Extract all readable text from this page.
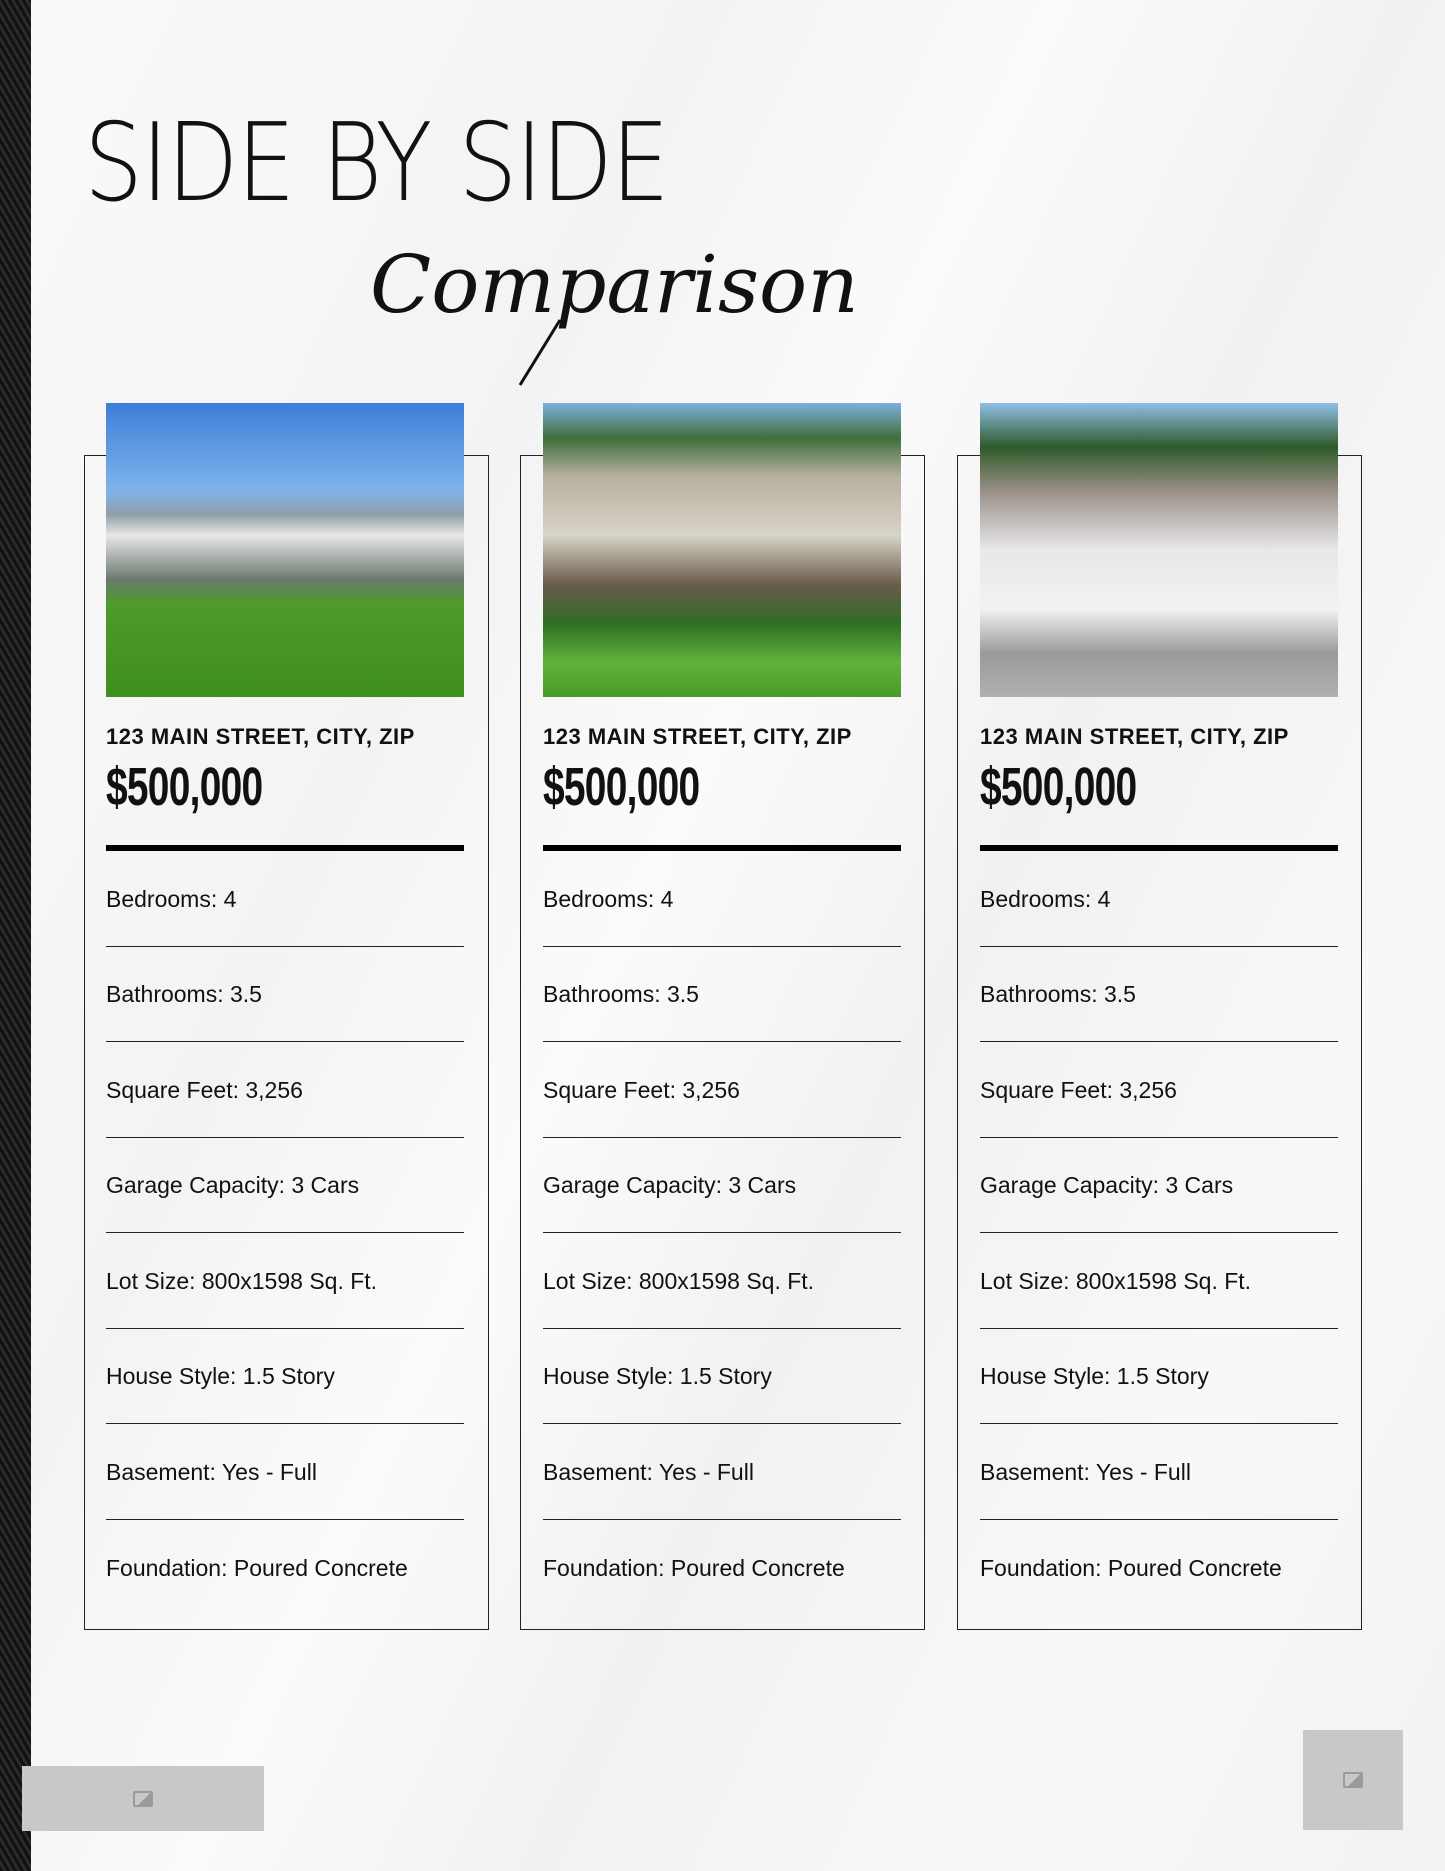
SIDE BY SIDE
Comparison
123 MAIN STREET, CITY, ZIP
$500,000
Bedrooms: 4
Bathrooms: 3.5
Square Feet: 3,256
Garage Capacity: 3 Cars
Lot Size: 800x1598 Sq. Ft.
House Style: 1.5 Story
Basement: Yes - Full
Foundation: Poured Concrete
123 MAIN STREET, CITY, ZIP
$500,000
Bedrooms: 4
Bathrooms: 3.5
Square Feet: 3,256
Garage Capacity: 3 Cars
Lot Size: 800x1598 Sq. Ft.
House Style: 1.5 Story
Basement: Yes - Full
Foundation: Poured Concrete
123 MAIN STREET, CITY, ZIP
$500,000
Bedrooms: 4
Bathrooms: 3.5
Square Feet: 3,256
Garage Capacity: 3 Cars
Lot Size: 800x1598 Sq. Ft.
House Style: 1.5 Story
Basement: Yes - Full
Foundation: Poured Concrete
